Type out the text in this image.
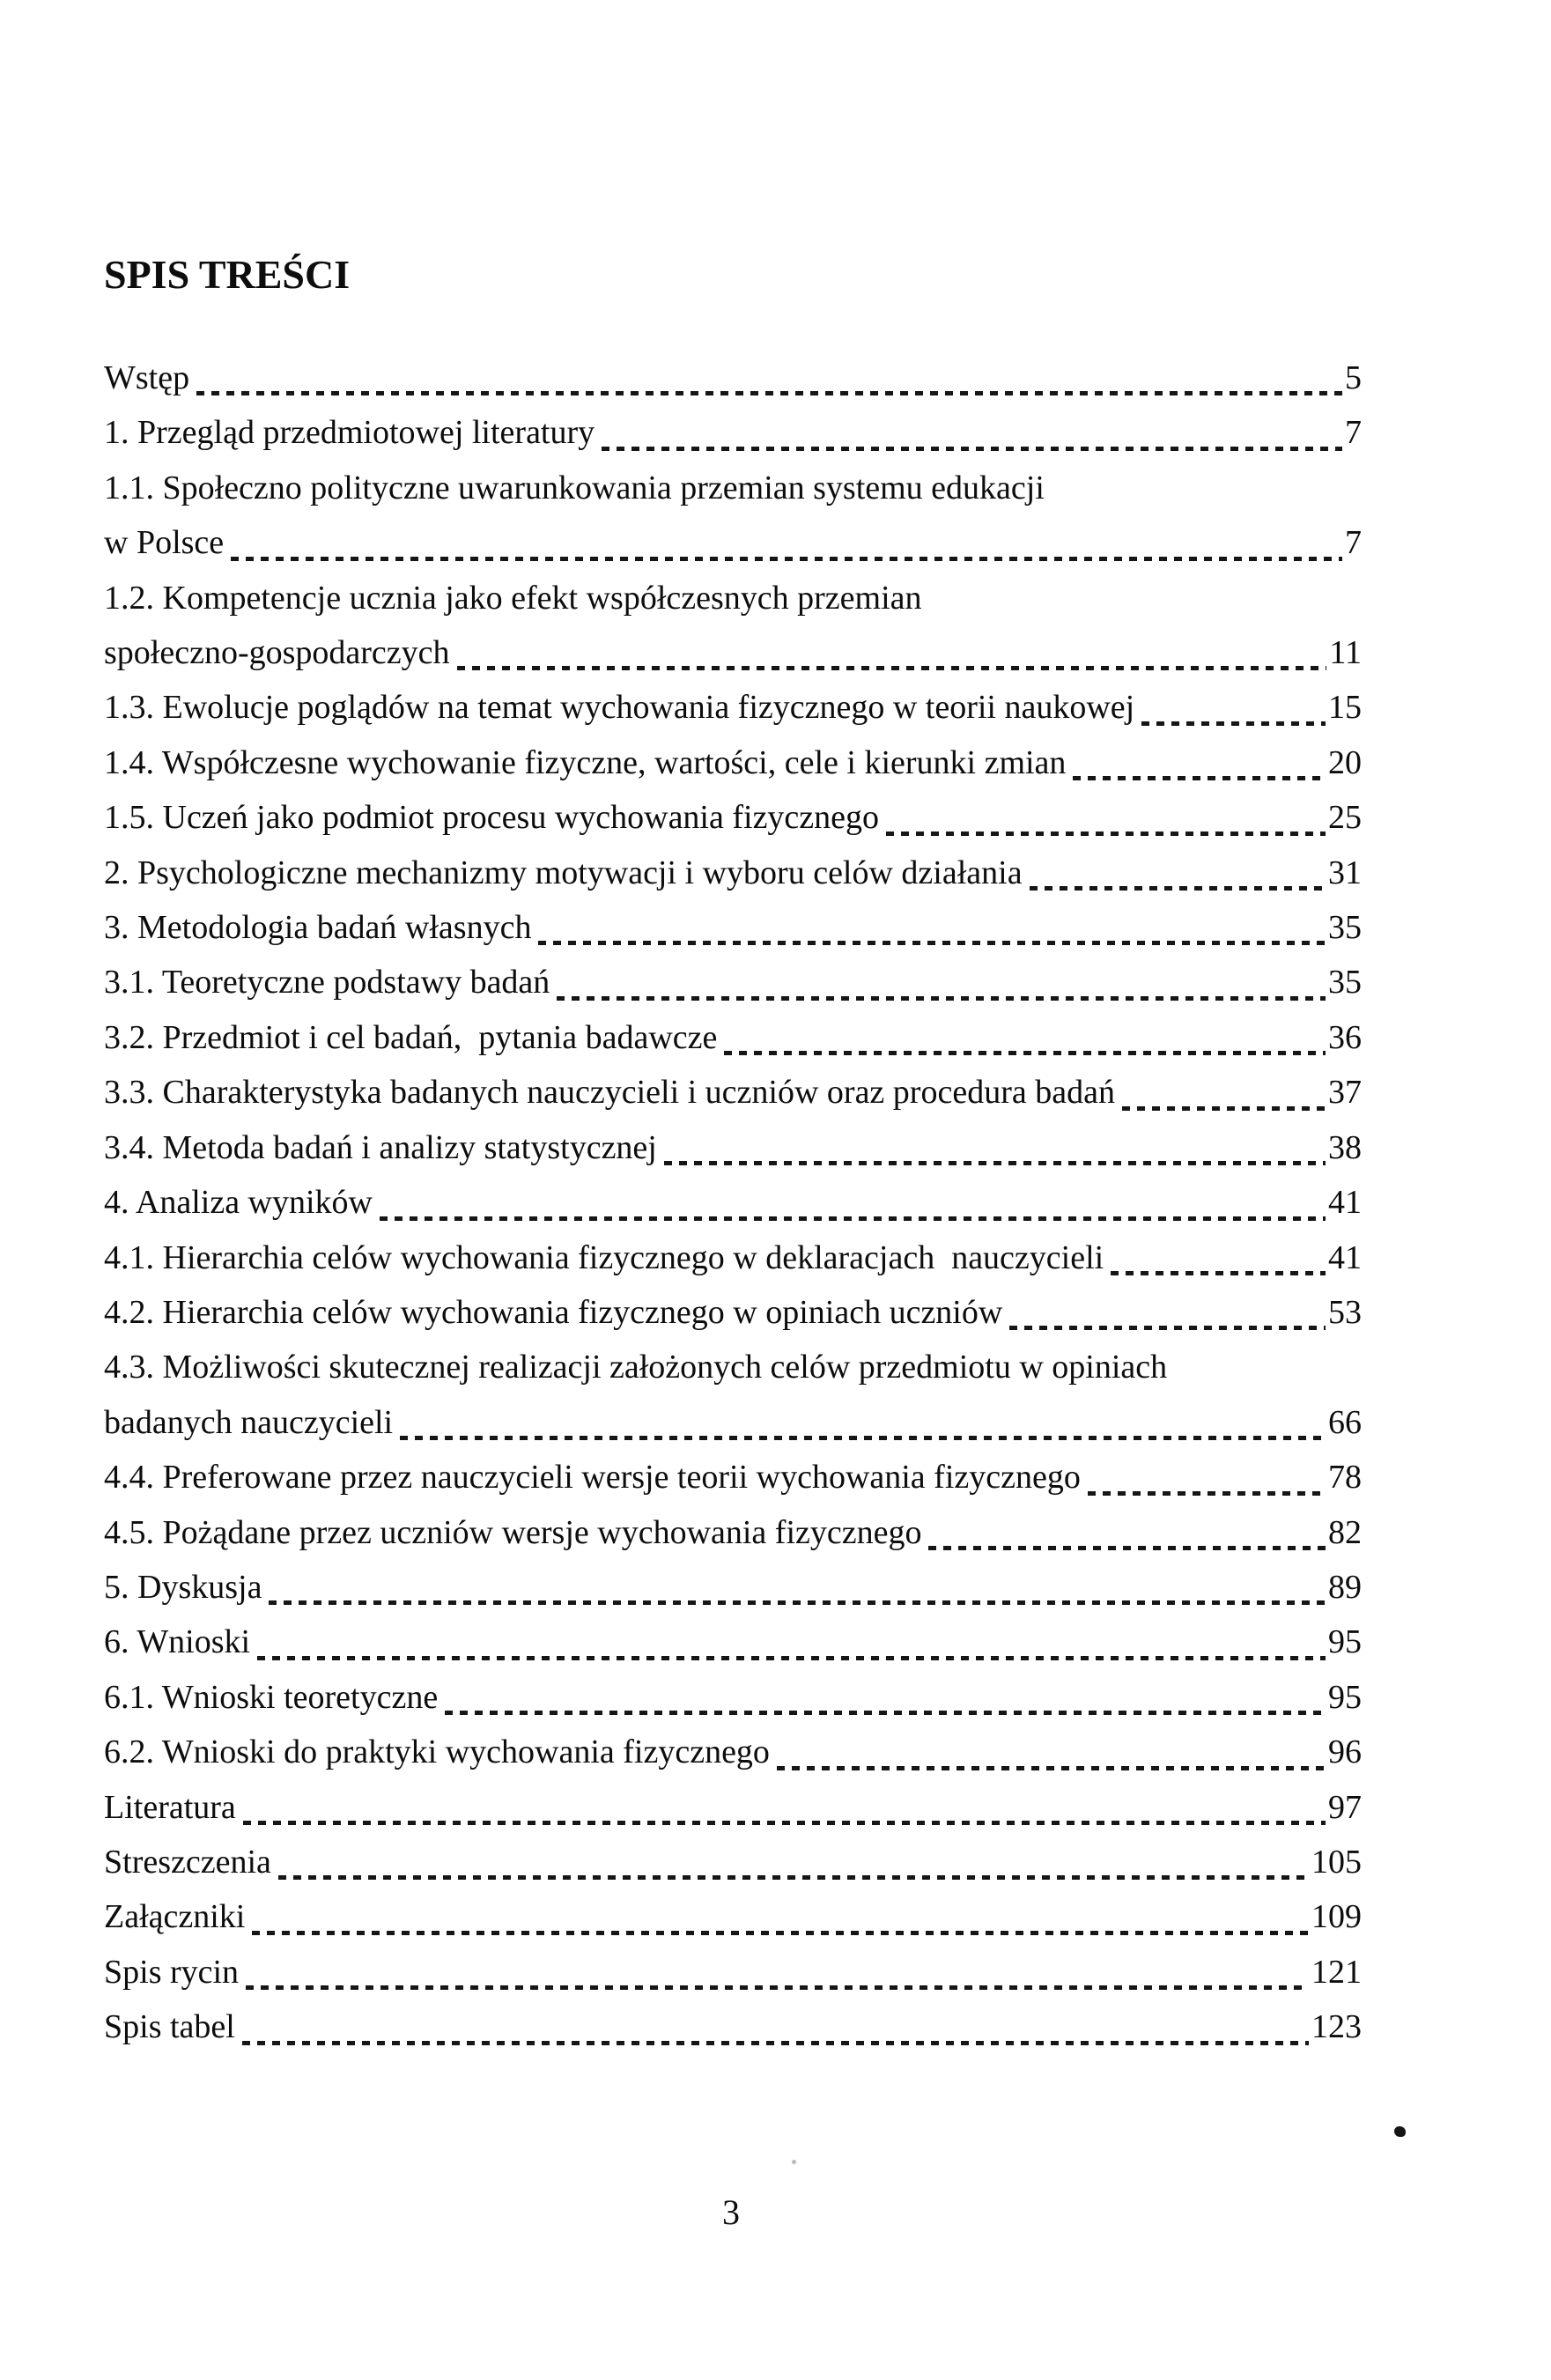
SPIS TREŚCI
Wstęp	5
1. Przegląd przedmiotowej literatury	7
1.1. Społeczno polityczne uwarunkowania przemian systemu edukacji
w Polsce	7
1.2. Kompetencje ucznia jako efekt współczesnych przemian
społeczno-gospodarczych	11
1.3. Ewolucje poglądów na temat wychowania fizycznego w teorii naukowej	15
1.4. Współczesne wychowanie fizyczne, wartości, cele i kierunki zmian	20
1.5. Uczeń jako podmiot procesu wychowania fizycznego	25
2. Psychologiczne mechanizmy motywacji i wyboru celów działania	31
3. Metodologia badań własnych	35
3.1. Teoretyczne podstawy badań	35
3.2. Przedmiot i cel badań,  pytania badawcze	36
3.3. Charakterystyka badanych nauczycieli i uczniów oraz procedura badań	37
3.4. Metoda badań i analizy statystycznej	38
4. Analiza wyników	41
4.1. Hierarchia celów wychowania fizycznego w deklaracjach  nauczycieli	41
4.2. Hierarchia celów wychowania fizycznego w opiniach uczniów	53
4.3. Możliwości skutecznej realizacji założonych celów przedmiotu w opiniach
badanych nauczycieli	66
4.4. Preferowane przez nauczycieli wersje teorii wychowania fizycznego	78
4.5. Pożądane przez uczniów wersje wychowania fizycznego	82
5. Dyskusja	89
6. Wnioski	95
6.1. Wnioski teoretyczne	95
6.2. Wnioski do praktyki wychowania fizycznego	96
Literatura	97
Streszczenia	105
Załączniki	109
Spis rycin	121
Spis tabel	123
3
